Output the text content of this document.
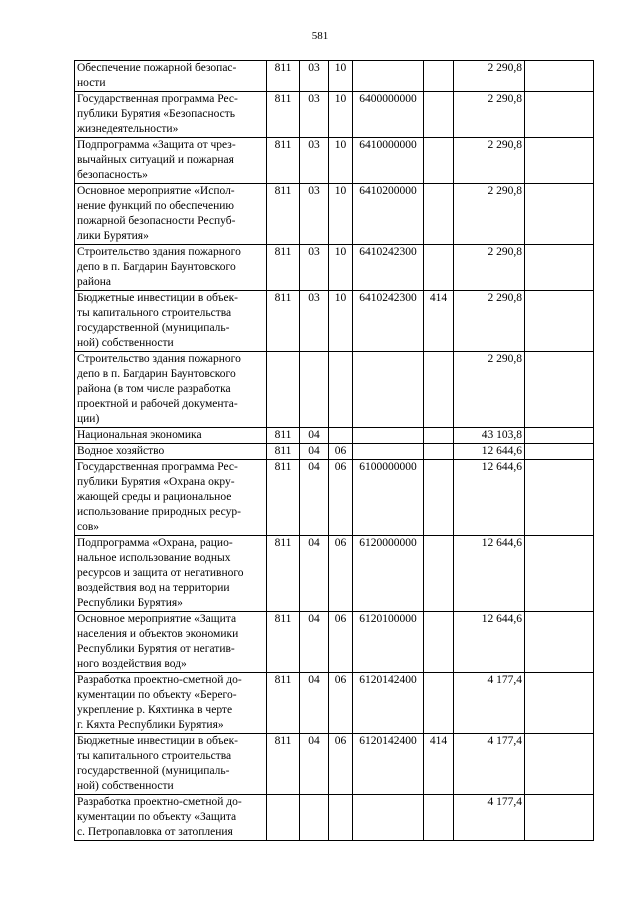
581
Обеспечение пожарной безопас-
ности	811	03	10			2 290,8	
Государственная программа Рес-
публики Бурятия «Безопасность
жизнедеятельности»	811	03	10	6400000000		2 290,8	
Подпрограмма «Защита от чрез-
вычайных ситуаций и пожарная
безопасность»	811	03	10	6410000000		2 290,8	
Основное мероприятие «Испол-
нение функций по обеспечению
пожарной безопасности Респуб-
лики Бурятия»	811	03	10	6410200000		2 290,8	
Строительство здания пожарного
депо в п. Багдарин Баунтовского
района	811	03	10	6410242300		2 290,8	
Бюджетные инвестиции в объек-
ты капитального строительства
государственной (муниципаль-
ной) собственности	811	03	10	6410242300	414	2 290,8	
Строительство здания пожарного
депо в п. Багдарин Баунтовского
района (в том числе разработка
проектной и рабочей документа-
ции)						2 290,8	
Национальная экономика	811	04				43 103,8	
Водное хозяйство	811	04	06			12 644,6	
Государственная программа Рес-
публики Бурятия «Охрана окру-
жающей среды и рациональное
использование природных ресур-
сов»	811	04	06	6100000000		12 644,6	
Подпрограмма «Охрана, рацио-
нальное использование водных
ресурсов и защита от негативного
воздействия вод на территории
Республики Бурятия»	811	04	06	6120000000		12 644,6	
Основное мероприятие «Защита
населения и объектов экономики
Республики Бурятия от негатив-
ного воздействия вод»	811	04	06	6120100000		12 644,6	
Разработка проектно-сметной до-
кументации по объекту «Берего-
укрепление р. Кяхтинка в черте
г. Кяхта Республики Бурятия»	811	04	06	6120142400		4 177,4	
Бюджетные инвестиции в объек-
ты капитального строительства
государственной (муниципаль-
ной) собственности	811	04	06	6120142400	414	4 177,4	
Разработка проектно-сметной до-
кументации по объекту «Защита
с. Петропавловка от затопления						4 177,4	
